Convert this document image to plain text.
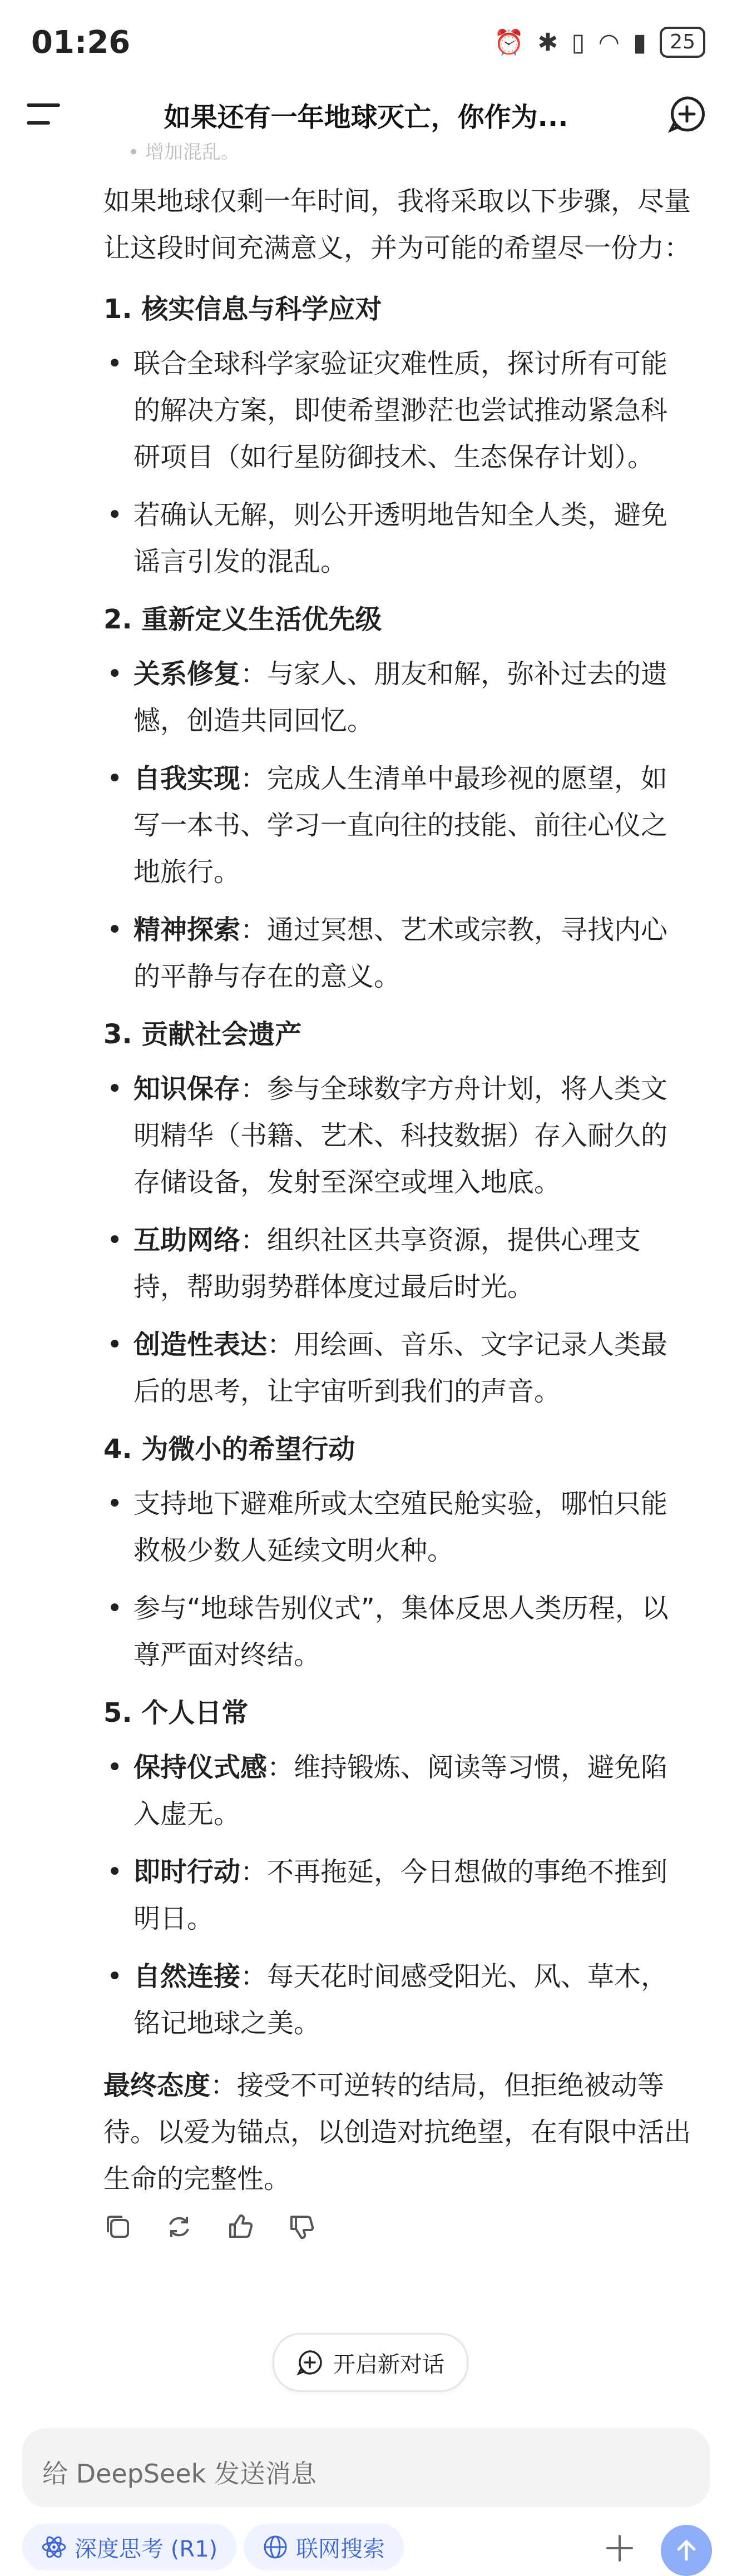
01:26	⏰ ✱ ▯ ◠ ▮	25
如果还有一年地球灭亡，你作为...
• 增加混乱。

如果地球仅剩一年时间，我将采取以下步骤，尽量让这段时间充满意义，并为可能的希望尽一份力：

1. 核实信息与科学应对
• 联合全球科学家验证灾难性质，探讨所有可能的解决方案，即使希望渺茫也尝试推动紧急科研项目（如行星防御技术、生态保存计划）。
• 若确认无解，则公开透明地告知全人类，避免谣言引发的混乱。
2. 重新定义生活优先级
• 关系修复：与家人、朋友和解，弥补过去的遗憾，创造共同回忆。
• 自我实现：完成人生清单中最珍视的愿望，如写一本书、学习一直向往的技能、前往心仪之地旅行。
• 精神探索：通过冥想、艺术或宗教，寻找内心的平静与存在的意义。
3. 贡献社会遗产
• 知识保存：参与全球数字方舟计划，将人类文明精华（书籍、艺术、科技数据）存入耐久的存储设备，发射至深空或埋入地底。
• 互助网络：组织社区共享资源，提供心理支持，帮助弱势群体度过最后时光。
• 创造性表达：用绘画、音乐、文字记录人类最后的思考，让宇宙听到我们的声音。
4. 为微小的希望行动
• 支持地下避难所或太空殖民舱实验，哪怕只能救极少数人延续文明火种。
• 参与“地球告别仪式”，集体反思人类历程，以尊严面对终结。
5. 个人日常
• 保持仪式感：维持锻炼、阅读等习惯，避免陷入虚无。
• 即时行动：不再拖延，今日想做的事绝不推到明日。
• 自然连接：每天花时间感受阳光、风、草木，铭记地球之美。

最终态度：接受不可逆转的结局，但拒绝被动等待。以爱为锚点，以创造对抗绝望，在有限中活出生命的完整性。

开启新对话
给 DeepSeek 发送消息
深度思考 (R1)	联网搜索
